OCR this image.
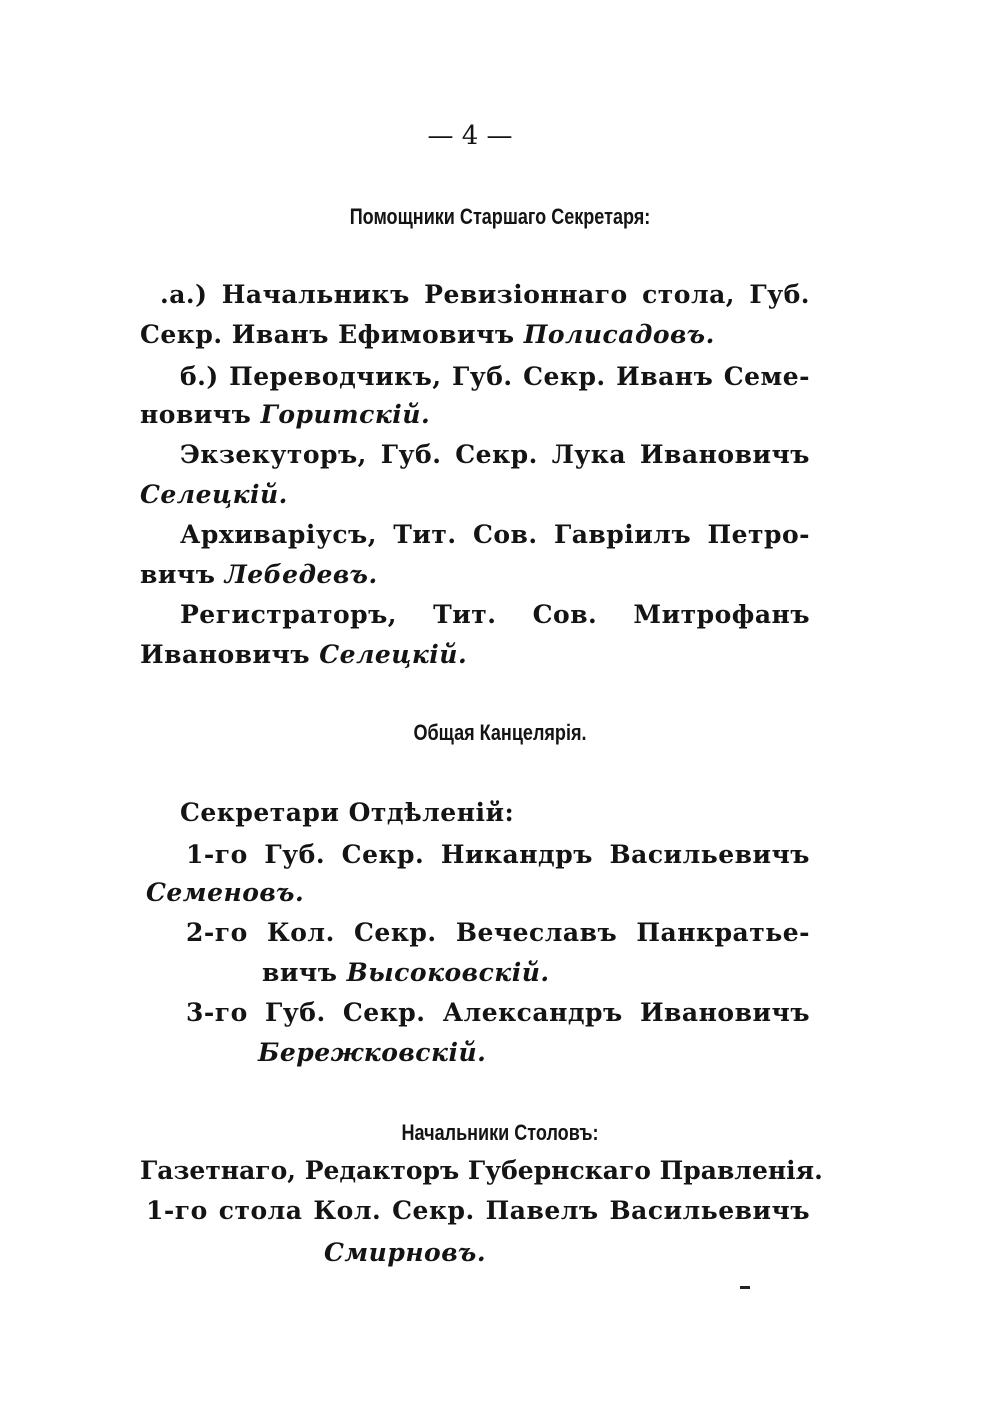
— 4 —
Помощники Старшаго Секретаря:
.а.) Начальникъ Ревизіоннаго стола, Губ.
Секр. Иванъ Ефимовичъ Полисадовъ.
б.) Переводчикъ, Губ. Секр. Иванъ Семе-
новичъ Горитскій.
Экзекуторъ, Губ. Секр. Лука Ивановичъ
Селецкій.
Архиваріусъ, Тит. Сов. Гавріилъ Петро-
вичъ Лебедевъ.
Регистраторъ, Тит. Сов. Митрофанъ
Ивановичъ Селецкій.
Общая Канцелярія.
Секретари Отдѣленій:
1-го Губ. Секр. Никандръ Васильевичъ
Семеновъ.
2-го Кол. Секр. Вечеславъ Панкратье-
вичъ Высоковскій.
3-го Губ. Секр. Александръ Ивановичъ
Бережковскій.
Начальники Столовъ:
Газетнаго, Редакторъ Губернскаго Правленія.
1-го стола Кол. Секр. Павелъ Васильевичъ
Смирновъ.
